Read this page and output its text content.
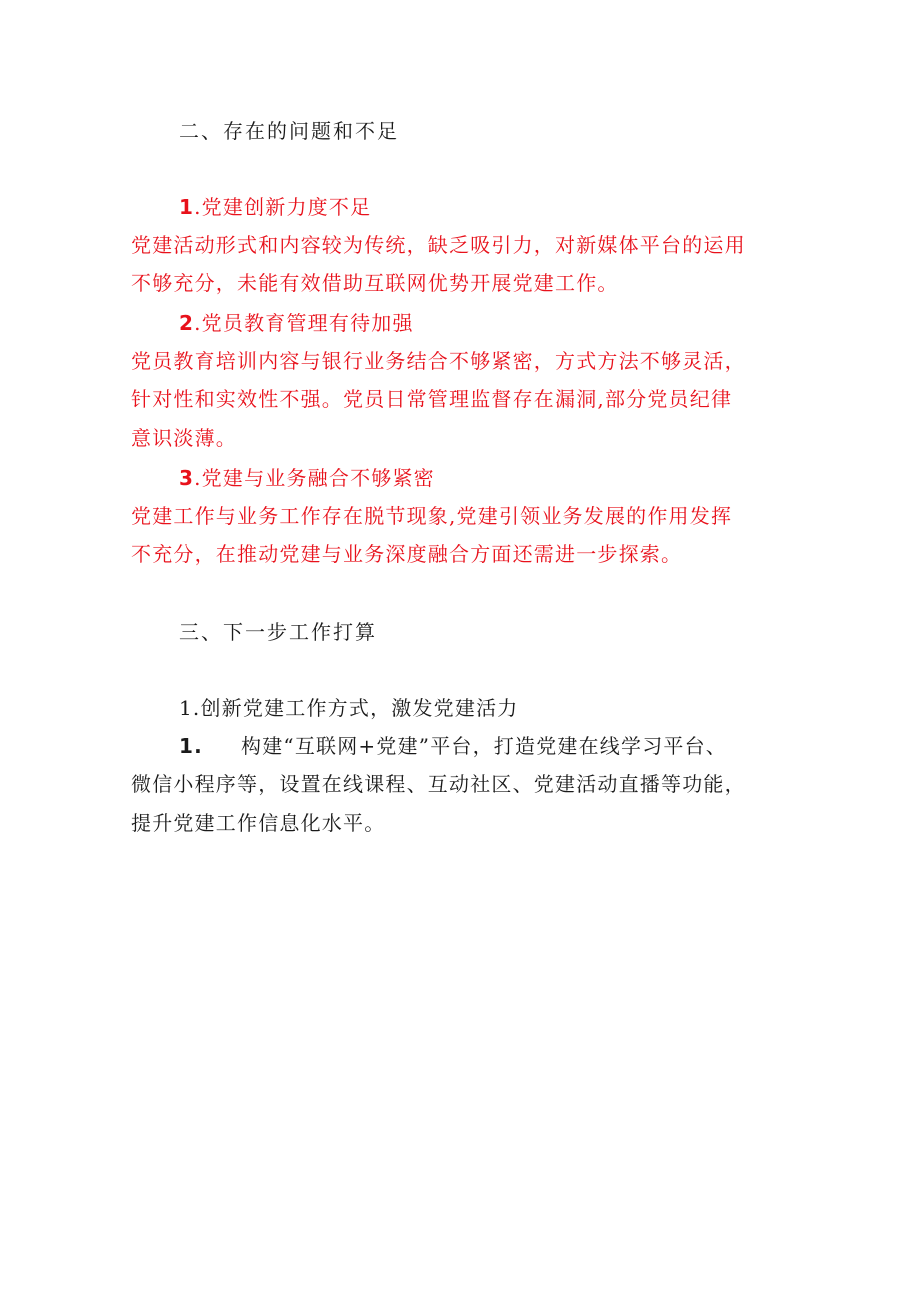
二、存在的问题和不足
1.党建创新力度不足
党建活动形式和内容较为传统，缺乏吸引力，对新媒体平台的运用
不够充分，未能有效借助互联网优势开展党建工作。
2.党员教育管理有待加强
党员教育培训内容与银行业务结合不够紧密，方式方法不够灵活，
针对性和实效性不强。党员日常管理监督存在漏洞,部分党员纪律
意识淡薄。
3.党建与业务融合不够紧密
党建工作与业务工作存在脱节现象,党建引领业务发展的作用发挥
不充分，在推动党建与业务深度融合方面还需进一步探索。
三、下一步工作打算
1.创新党建工作方式，激发党建活力
1. 构建“互联网+党建”平台，打造党建在线学习平台、
微信小程序等，设置在线课程、互动社区、党建活动直播等功能，
提升党建工作信息化水平。
